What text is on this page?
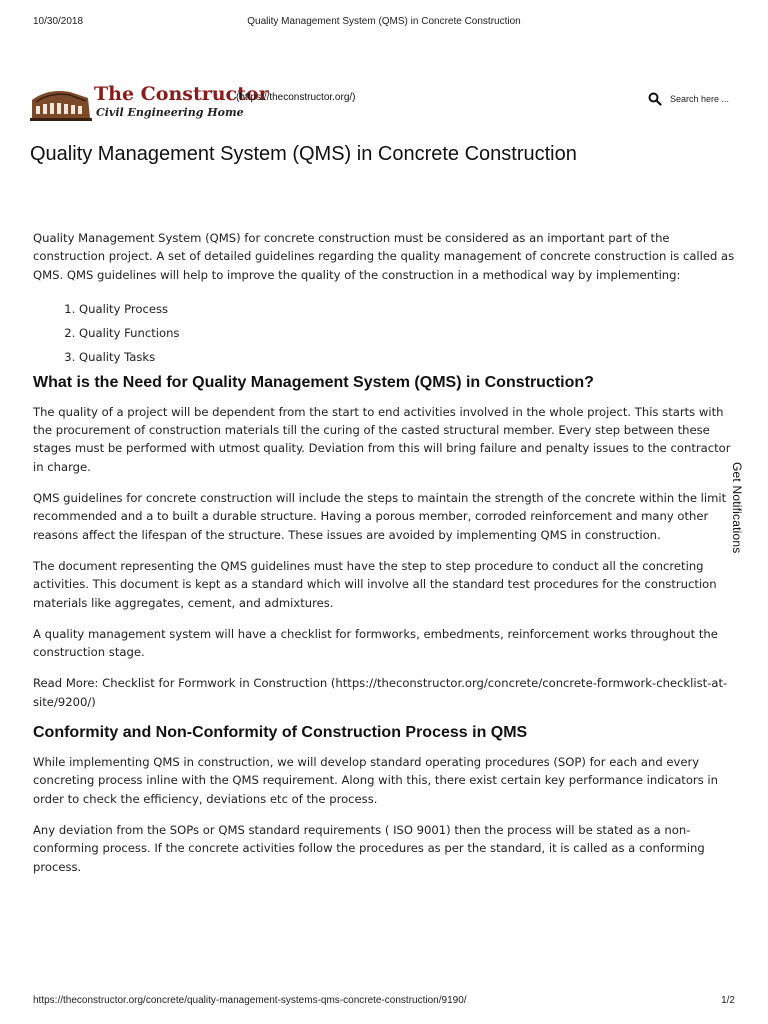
10/30/2018	Quality Management System (QMS) in Concrete Construction
The Constructor
Civil Engineering Home
(https://theconstructor.org/)
Search here ...
Quality Management System (QMS) in Concrete Construction

Quality Management System (QMS) for concrete construction must be considered as an important part of the construction project. A set of detailed guidelines regarding the quality management of concrete construction is called as QMS. QMS guidelines will help to improve the quality of the construction in a methodical way by implementing:

1. Quality Process
2. Quality Functions
3. Quality Tasks
What is the Need for Quality Management System (QMS) in Construction?

The quality of a project will be dependent from the start to end activities involved in the whole project. This starts with the procurement of construction materials till the curing of the casted structural member. Every step between these stages must be performed with utmost quality. Deviation from this will bring failure and penalty issues to the contractor in charge.

QMS guidelines for concrete construction will include the steps to maintain the strength of the concrete within the limit recommended and a to built a durable structure. Having a porous member, corroded reinforcement and many other reasons affect the lifespan of the structure. These issues are avoided by implementing QMS in construction.

The document representing the QMS guidelines must have the step to step procedure to conduct all the concreting activities. This document is kept as a standard which will involve all the standard test procedures for the construction materials like aggregates, cement, and admixtures.

A quality management system will have a checklist for formworks, embedments, reinforcement works throughout the construction stage.

Read More: Checklist for Formwork in Construction (https://theconstructor.org/concrete/concrete-formwork-checklist-at-site/9200/)

Conformity and Non-Conformity of Construction Process in QMS

While implementing QMS in construction, we will develop standard operating procedures (SOP) for each and every concreting process inline with the QMS requirement. Along with this, there exist certain key performance indicators in order to check the efficiency, deviations etc of the process.

Any deviation from the SOPs or QMS standard requirements ( ISO 9001) then the process will be stated as a non-conforming process. If the concrete activities follow the procedures as per the standard, it is called as a conforming process.

Get Notifications
https://theconstructor.org/concrete/quality-management-systems-qms-concrete-construction/9190/	1/2
